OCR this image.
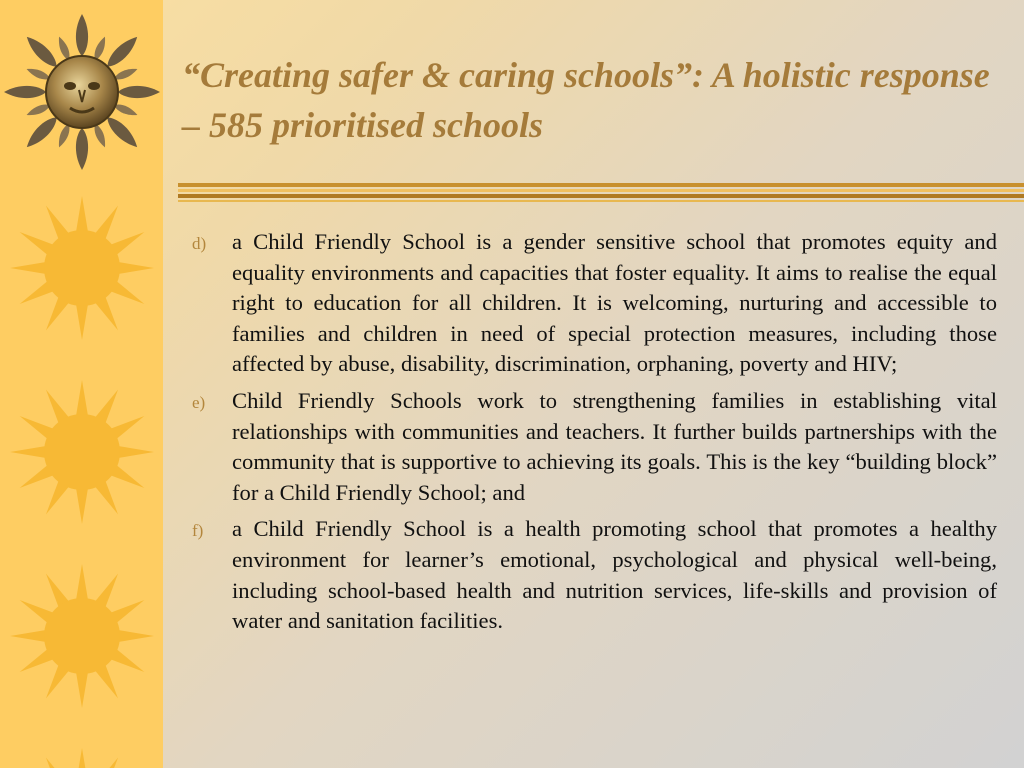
“Creating safer & caring schools”: A holistic response – 585 prioritised schools
d) a Child Friendly School is a gender sensitive school that promotes equity and equality environments and capacities that foster equality. It aims to realise the equal right to education for all children. It is welcoming, nurturing and accessible to families and children in need of special protection measures, including those affected by abuse, disability, discrimination, orphaning, poverty and HIV;
e) Child Friendly Schools work to strengthening families in establishing vital relationships with communities and teachers. It further builds partnerships with the community that is supportive to achieving its goals. This is the key “building block” for a Child Friendly School; and
f) a Child Friendly School is a health promoting school that promotes a healthy environment for learner’s emotional, psychological and physical well-being, including school-based health and nutrition services, life-skills and provision of water and sanitation facilities.
